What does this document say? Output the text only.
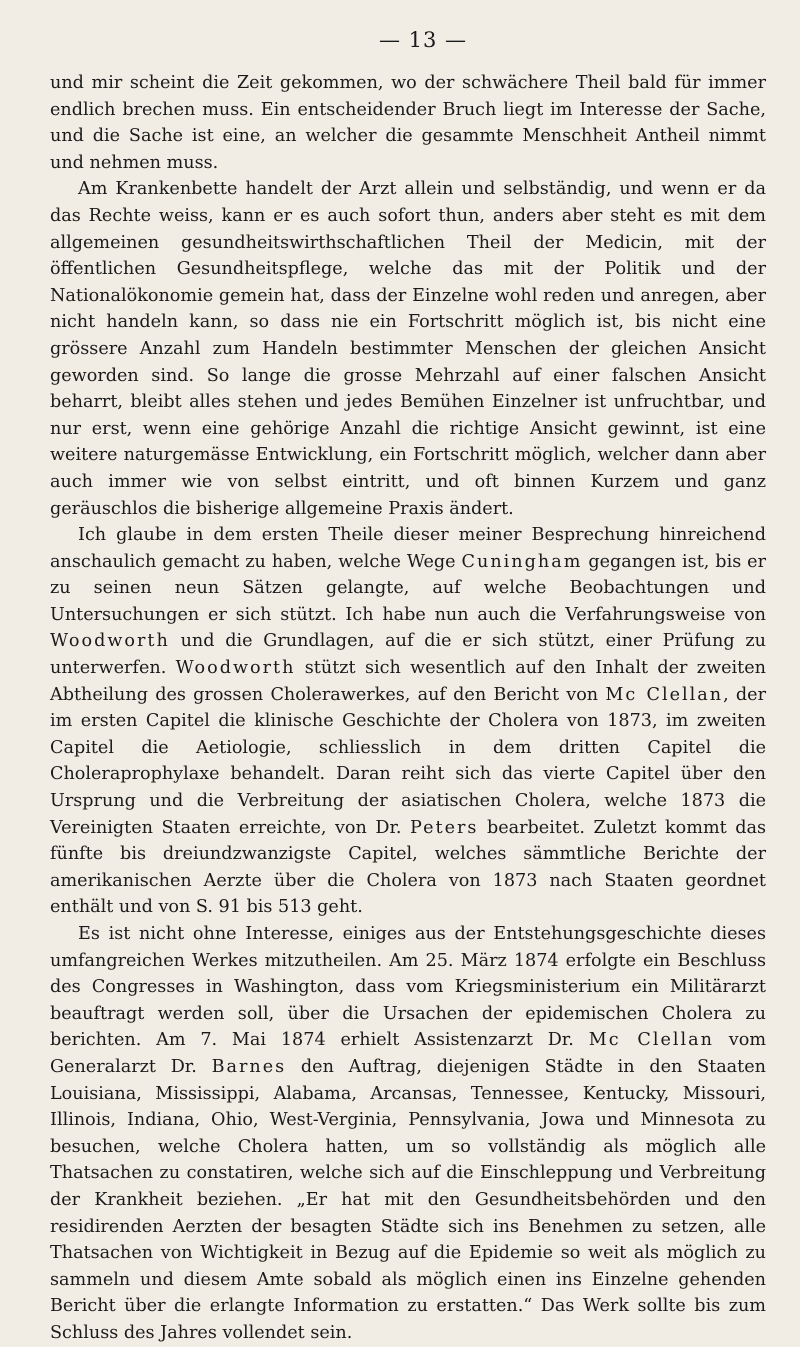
— 13 —

und mir scheint die Zeit gekommen, wo der schwächere Theil bald für immer endlich brechen muss. Ein entscheidender Bruch liegt im Interesse der Sache, und die Sache ist eine, an welcher die gesammte Menschheit Antheil nimmt und nehmen muss.

Am Krankenbette handelt der Arzt allein und selbständig, und wenn er da das Rechte weiss, kann er es auch sofort thun, anders aber steht es mit dem allgemeinen gesundheitswirthschaftlichen Theil der Medicin, mit der öffentlichen Gesundheitspflege, welche das mit der Politik und der Nationalökonomie gemein hat, dass der Einzelne wohl reden und anregen, aber nicht handeln kann, so dass nie ein Fortschritt möglich ist, bis nicht eine grössere Anzahl zum Handeln bestimmter Menschen der gleichen Ansicht geworden sind. So lange die grosse Mehrzahl auf einer falschen Ansicht beharrt, bleibt alles stehen und jedes Bemühen Einzelner ist unfruchtbar, und nur erst, wenn eine gehörige Anzahl die richtige Ansicht gewinnt, ist eine weitere naturgemässe Entwicklung, ein Fortschritt möglich, welcher dann aber auch immer wie von selbst eintritt, und oft binnen Kurzem und ganz geräuschlos die bisherige allgemeine Praxis ändert.

Ich glaube in dem ersten Theile dieser meiner Besprechung hinreichend anschaulich gemacht zu haben, welche Wege Cuningham gegangen ist, bis er zu seinen neun Sätzen gelangte, auf welche Beobachtungen und Untersuchungen er sich stützt. Ich habe nun auch die Verfahrungsweise von Woodworth und die Grundlagen, auf die er sich stützt, einer Prüfung zu unterwerfen. Woodworth stützt sich wesentlich auf den Inhalt der zweiten Abtheilung des grossen Cholerawerkes, auf den Bericht von Mc Clellan, der im ersten Capitel die klinische Geschichte der Cholera von 1873, im zweiten Capitel die Aetiologie, schliesslich in dem dritten Capitel die Choleraprophylaxe behandelt. Daran reiht sich das vierte Capitel über den Ursprung und die Verbreitung der asiatischen Cholera, welche 1873 die Vereinigten Staaten erreichte, von Dr. Peters bearbeitet. Zuletzt kommt das fünfte bis dreiundzwanzigste Capitel, welches sämmtliche Berichte der amerikanischen Aerzte über die Cholera von 1873 nach Staaten geordnet enthält und von S. 91 bis 513 geht.

Es ist nicht ohne Interesse, einiges aus der Entstehungsgeschichte dieses umfangreichen Werkes mitzutheilen. Am 25. März 1874 erfolgte ein Beschluss des Congresses in Washington, dass vom Kriegsministerium ein Militärarzt beauftragt werden soll, über die Ursachen der epidemischen Cholera zu berichten. Am 7. Mai 1874 erhielt Assistenzarzt Dr. Mc Clellan vom Generalarzt Dr. Barnes den Auftrag, diejenigen Städte in den Staaten Louisiana, Mississippi, Alabama, Arcansas, Tennessee, Kentucky, Missouri, Illinois, Indiana, Ohio, West-Verginia, Pennsylvania, Jowa und Minnesota zu besuchen, welche Cholera hatten, um so vollständig als möglich alle Thatsachen zu constatiren, welche sich auf die Einschleppung und Verbreitung der Krankheit beziehen. „Er hat mit den Gesundheitsbehörden und den residirenden Aerzten der besagten Städte sich ins Benehmen zu setzen, alle Thatsachen von Wichtigkeit in Bezug auf die Epidemie so weit als möglich zu sammeln und diesem Amte sobald als möglich einen ins Einzelne gehenden Bericht über die erlangte Information zu erstatten.“ Das Werk sollte bis zum Schluss des Jahres vollendet sein.
